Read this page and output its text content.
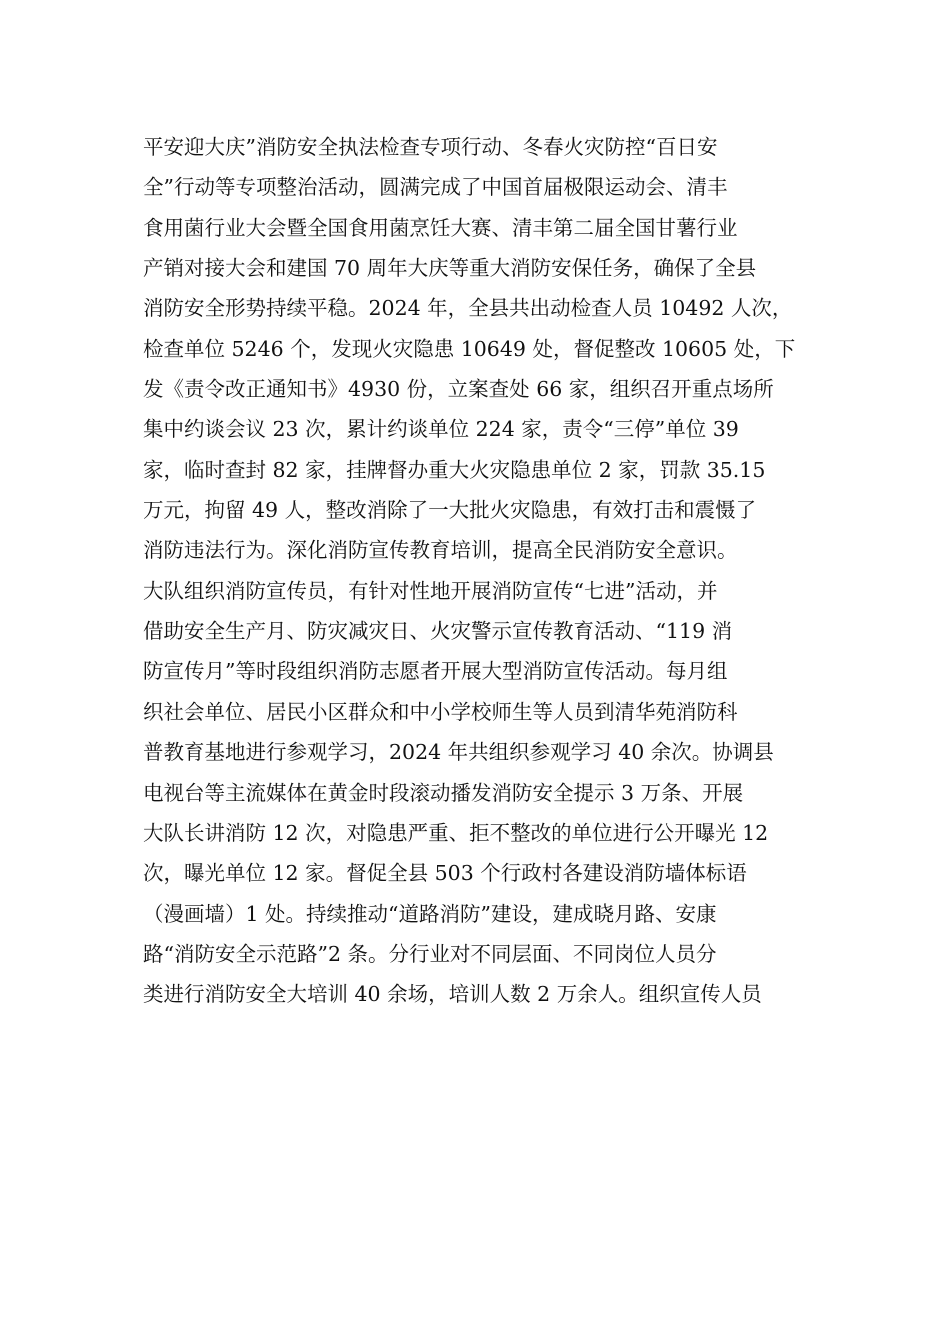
平安迎大庆”消防安全执法检查专项行动、冬春火灾防控“百日安
全”行动等专项整治活动，圆满完成了中国首届极限运动会、清丰
食用菌行业大会暨全国食用菌烹饪大赛、清丰第二届全国甘薯行业
产销对接大会和建国 70 周年大庆等重大消防安保任务，确保了全县
消防安全形势持续平稳。2024 年，全县共出动检查人员 10492 人次，
检查单位 5246 个，发现火灾隐患 10649 处，督促整改 10605 处，下
发《责令改正通知书》4930 份，立案查处 66 家，组织召开重点场所
集中约谈会议 23 次，累计约谈单位 224 家，责令“三停”单位 39
家，临时查封 82 家，挂牌督办重大火灾隐患单位 2 家，罚款 35.15
万元，拘留 49 人，整改消除了一大批火灾隐患，有效打击和震慑了
消防违法行为。深化消防宣传教育培训，提高全民消防安全意识。
大队组织消防宣传员，有针对性地开展消防宣传“七进”活动，并
借助安全生产月、防灾减灾日、火灾警示宣传教育活动、“119 消
防宣传月”等时段组织消防志愿者开展大型消防宣传活动。每月组
织社会单位、居民小区群众和中小学校师生等人员到清华苑消防科
普教育基地进行参观学习，2024 年共组织参观学习 40 余次。协调县
电视台等主流媒体在黄金时段滚动播发消防安全提示 3 万条、开展
大队长讲消防 12 次，对隐患严重、拒不整改的单位进行公开曝光 12
次，曝光单位 12 家。督促全县 503 个行政村各建设消防墙体标语
（漫画墙）1 处。持续推动“道路消防”建设，建成晓月路、安康
路“消防安全示范路”2 条。分行业对不同层面、不同岗位人员分
类进行消防安全大培训 40 余场，培训人数 2 万余人。组织宣传人员
